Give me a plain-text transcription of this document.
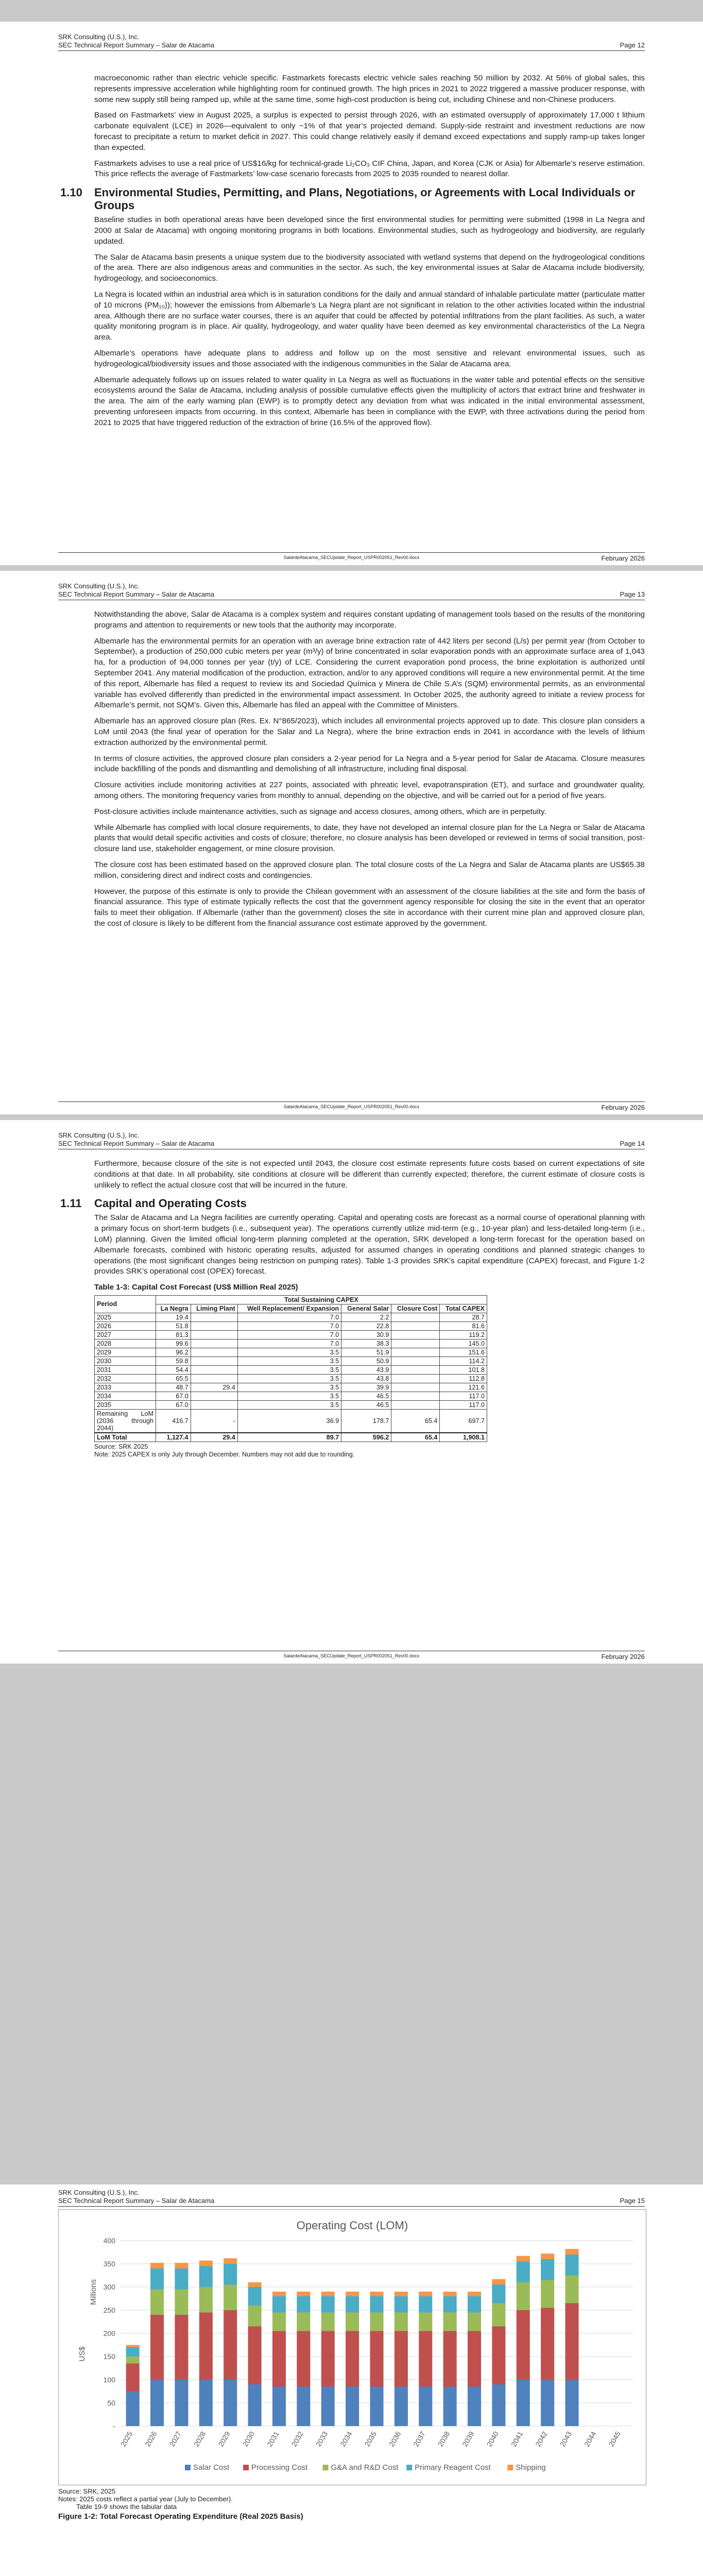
SRK Consulting (U.S.), Inc.
SEC Technical Report Summary – Salar de Atacama	Page 12

macroeconomic rather than electric vehicle specific. Fastmarkets forecasts electric vehicle sales reaching 50 million by 2032. At 56% of global sales, this represents impressive acceleration while highlighting room for continued growth. The high prices in 2021 to 2022 triggered a massive producer response, with some new supply still being ramped up, while at the same time, some high-cost production is being cut, including Chinese and non-Chinese producers.

Based on Fastmarkets’ view in August 2025, a surplus is expected to persist through 2026, with an estimated oversupply of approximately 17,000 t lithium carbonate equivalent (LCE) in 2026—equivalent to only ~1% of that year’s projected demand. Supply-side restraint and investment reductions are now forecast to precipitate a return to market deficit in 2027. This could change relatively easily if demand exceed expectations and supply ramp-up takes longer than expected.

Fastmarkets advises to use a real price of US$16/kg for technical-grade Li₂CO₃ CIF China, Japan, and Korea (CJK or Asia) for Albemarle’s reserve estimation. This price reflects the average of Fastmarkets’ low-case scenario forecasts from 2025 to 2035 rounded to nearest dollar.

1.10	Environmental Studies, Permitting, and Plans, Negotiations, or Agreements with Local Individuals or Groups

Baseline studies in both operational areas have been developed since the first environmental studies for permitting were submitted (1998 in La Negra and 2000 at Salar de Atacama) with ongoing monitoring programs in both locations. Environmental studies, such as hydrogeology and biodiversity, are regularly updated.

The Salar de Atacama basin presents a unique system due to the biodiversity associated with wetland systems that depend on the hydrogeological conditions of the area. There are also indigenous areas and communities in the sector. As such, the key environmental issues at Salar de Atacama include biodiversity, hydrogeology, and socioeconomics.

La Negra is located within an industrial area which is in saturation conditions for the daily and annual standard of inhalable particulate matter (particulate matter of 10 microns (PM₁₀)); however the emissions from Albemarle’s La Negra plant are not significant in relation to the other activities located within the industrial area. Although there are no surface water courses, there is an aquifer that could be affected by potential infiltrations from the plant facilities. As such, a water quality monitoring program is in place. Air quality, hydrogeology, and water quality have been deemed as key environmental characteristics of the La Negra area.

Albemarle’s operations have adequate plans to address and follow up on the most sensitive and relevant environmental issues, such as hydrogeological/biodiversity issues and those associated with the indigenous communities in the Salar de Atacama area.

Albemarle adequately follows up on issues related to water quality in La Negra as well as fluctuations in the water table and potential effects on the sensitive ecosystems around the Salar de Atacama, including analysis of possible cumulative effects given the multiplicity of actors that extract brine and freshwater in the area. The aim of the early warning plan (EWP) is to promptly detect any deviation from what was indicated in the initial environmental assessment, preventing unforeseen impacts from occurring. In this context, Albemarle has been in compliance with the EWP, with three activations during the period from 2021 to 2025 that have triggered reduction of the extraction of brine (16.5% of the approved flow).

SalardeAtacama_SECUpdate_Report_USPR002051_Rev00.docx	February 2026
SRK Consulting (U.S.), Inc.
SEC Technical Report Summary – Salar de Atacama	Page 13

Notwithstanding the above, Salar de Atacama is a complex system and requires constant updating of management tools based on the results of the monitoring programs and attention to requirements or new tools that the authority may incorporate.

Albemarle has the environmental permits for an operation with an average brine extraction rate of 442 liters per second (L/s) per permit year (from October to September), a production of 250,000 cubic meters per year (m³/y) of brine concentrated in solar evaporation ponds with an approximate surface area of 1,043 ha, for a production of 94,000 tonnes per year (t/y) of LCE. Considering the current evaporation pond process, the brine exploitation is authorized until September 2041. Any material modification of the production, extraction, and/or to any approved conditions will require a new environmental permit. At the time of this report, Albemarle has filed a request to review its and Sociedad Química y Minera de Chile S.A’s (SQM) environmental permits, as an environmental variable has evolved differently than predicted in the environmental impact assessment. In October 2025, the authority agreed to initiate a review process for Albemarle’s permit, not SQM’s. Given this, Albemarle has filed an appeal with the Committee of Ministers.

Albemarle has an approved closure plan (Res. Ex. N°865/2023), which includes all environmental projects approved up to date. This closure plan considers a LoM until 2043 (the final year of operation for the Salar and La Negra), where the brine extraction ends in 2041 in accordance with the levels of lithium extraction authorized by the environmental permit.

In terms of closure activities, the approved closure plan considers a 2-year period for La Negra and a 5-year period for Salar de Atacama. Closure measures include backfilling of the ponds and dismantling and demolishing of all infrastructure, including final disposal.

Closure activities include monitoring activities at 227 points, associated with phreatic level, evapotranspiration (ET), and surface and groundwater quality, among others. The monitoring frequency varies from monthly to annual, depending on the objective, and will be carried out for a period of five years.

Post-closure activities include maintenance activities, such as signage and access closures, among others, which are in perpetuity.

While Albemarle has complied with local closure requirements, to date, they have not developed an internal closure plan for the La Negra or Salar de Atacama plants that would detail specific activities and costs of closure; therefore, no closure analysis has been developed or reviewed in terms of social transition, post-closure land use, stakeholder engagement, or mine closure provision.

The closure cost has been estimated based on the approved closure plan. The total closure costs of the La Negra and Salar de Atacama plants are US$65.38 million, considering direct and indirect costs and contingencies.

However, the purpose of this estimate is only to provide the Chilean government with an assessment of the closure liabilities at the site and form the basis of financial assurance. This type of estimate typically reflects the cost that the government agency responsible for closing the site in the event that an operator fails to meet their obligation. If Albemarle (rather than the government) closes the site in accordance with their current mine plan and approved closure plan, the cost of closure is likely to be different from the financial assurance cost estimate approved by the government.

SalardeAtacama_SECUpdate_Report_USPR002051_Rev00.docx	February 2026
SRK Consulting (U.S.), Inc.
SEC Technical Report Summary – Salar de Atacama	Page 14

Furthermore, because closure of the site is not expected until 2043, the closure cost estimate represents future costs based on current expectations of site conditions at that date. In all probability, site conditions at closure will be different than currently expected; therefore, the current estimate of closure costs is unlikely to reflect the actual closure cost that will be incurred in the future.

1.11	Capital and Operating Costs

The Salar de Atacama and La Negra facilities are currently operating. Capital and operating costs are forecast as a normal course of operational planning with a primary focus on short-term budgets (i.e., subsequent year). The operations currently utilize mid-term (e.g., 10-year plan) and less-detailed long-term (i.e., LoM) planning. Given the limited official long-term planning completed at the operation, SRK developed a long-term forecast for the operation based on Albemarle forecasts, combined with historic operating results, adjusted for assumed changes in operating conditions and planned strategic changes to operations (the most significant changes being restriction on pumping rates). Table 1-3 provides SRK’s capital expenditure (CAPEX) forecast, and Figure 1-2 provides SRK’s operational cost (OPEX) forecast.

Table 1-3: Capital Cost Forecast (US$ Million Real 2025)
Period	Total Sustaining CAPEX					
	La Negra	Liming Plant	Well Replacement/ Expansion	General Salar	Closure Cost	Total CAPEX
2025	19.4		7.0	2.2		28.7
2026	51.8		7.0	22.8		81.6
2027	81.3		7.0	30.9		119.2
2028	99.6		7.0	38.3		145.0
2029	96.2		3.5	51.9		151.6
2030	59.8		3.5	50.9		114.2
2031	54.4		3.5	43.9		101.8
2032	65.5		3.5	43.8		112.8
2033	48.7	29.4	3.5	39.9		121.6
2034	67.0		3.5	46.5		117.0
2035	67.0		3.5	46.5		117.0
Remaining LoM (2036 through 2044)	416.7	-	36.9	178.7	65.4	697.7
LoM Total	1,127.4	29.4	89.7	596.2	65.4	1,908.1
Source: SRK 2025
Note: 2025 CAPEX is only July through December. Numbers may not add due to rounding.
SalardeAtacama_SECUpdate_Report_USPR002051_Rev00.docx	February 2026
SRK Consulting (U.S.), Inc.
SEC Technical Report Summary – Salar de Atacama	Page 15
Operating Cost (LOM)
-
50
100
150
200
250
300
350
400
US$
Millions
2025 2026 2027 2028 2029 2030 2031 2032 2033 2034 2035 2036 2037 2038 2039 2040 2041 2042 2043 2044 2045
Salar Cost	Processing Cost	G&A and R&D Cost Primary Reagent Cost	Shipping
Source: SRK, 2025
Notes: 2025 costs reflect a partial year (July to December).
Table 19-9 shows the tabular data
Figure 1-2: Total Forecast Operating Expenditure (Real 2025 Basis)
